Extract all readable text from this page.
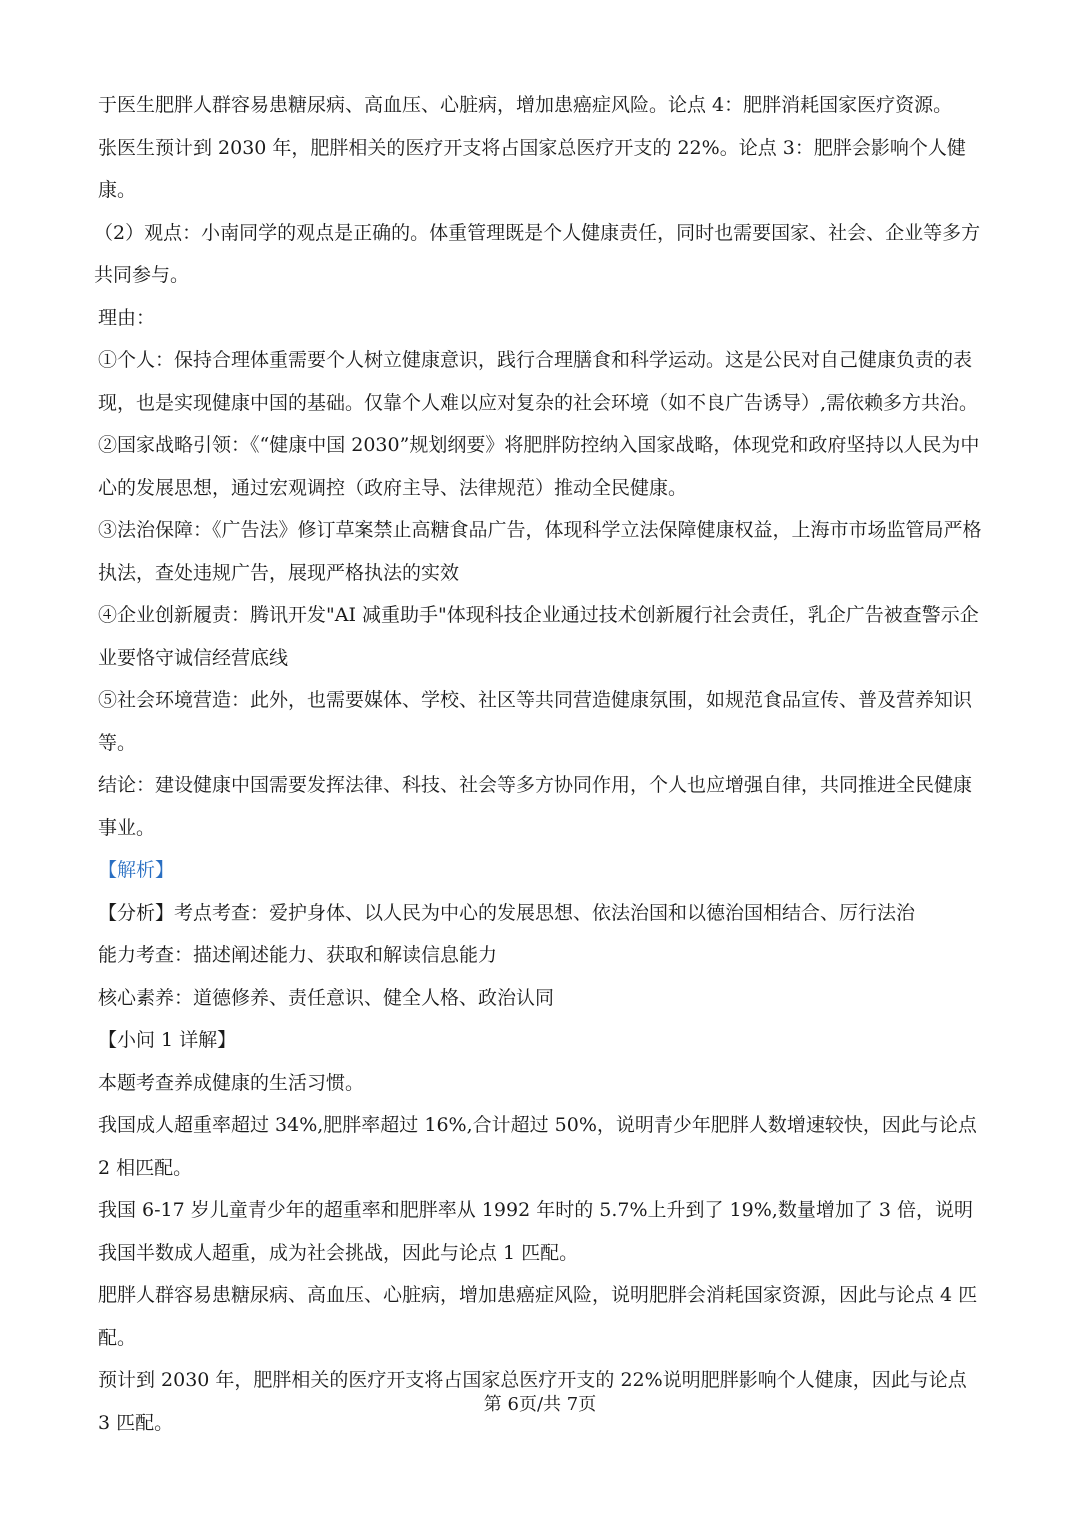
于医生肥胖人群容易患糖尿病、高血压、心脏病，增加患癌症风险。论点 4：肥胖消耗国家医疗资源。

张医生预计到 2030 年，肥胖相关的医疗开支将占国家总医疗开支的 22%。论点 3：肥胖会影响个人健康。

（2）观点：小南同学的观点是正确的。体重管理既是个人健康责任，同时也需要国家、社会、企业等多方共同参与。

理由：

①个人：保持合理体重需要个人树立健康意识，践行合理膳食和科学运动。这是公民对自己健康负责的表现，也是实现健康中国的基础。仅靠个人难以应对复杂的社会环境（如不良广告诱导）,需依赖多方共治。

②国家战略引领：《“健康中国 2030”规划纲要》将肥胖防控纳入国家战略，体现党和政府坚持以人民为中心的发展思想，通过宏观调控（政府主导、法律规范）推动全民健康。

③法治保障：《广告法》修订草案禁止高糖食品广告，体现科学立法保障健康权益，上海市市场监管局严格执法，查处违规广告，展现严格执法的实效

④企业创新履责：腾讯开发"AI 减重助手"体现科技企业通过技术创新履行社会责任，乳企广告被查警示企业要恪守诚信经营底线

⑤社会环境营造：此外，也需要媒体、学校、社区等共同营造健康氛围，如规范食品宣传、普及营养知识等。

结论：建设健康中国需要发挥法律、科技、社会等多方协同作用，个人也应增强自律，共同推进全民健康事业。

【解析】

【分析】考点考查：爱护身体、以人民为中心的发展思想、依法治国和以德治国相结合、厉行法治

能力考查：描述阐述能力、获取和解读信息能力

核心素养：道德修养、责任意识、健全人格、政治认同

【小问 1 详解】

本题考查养成健康的生活习惯。

我国成人超重率超过 34%,肥胖率超过 16%,合计超过 50%，说明青少年肥胖人数增速较快，因此与论点 2 相匹配。

我国 6-17 岁儿童青少年的超重率和肥胖率从 1992 年时的 5.7%上升到了 19%,数量增加了 3 倍，说明我国半数成人超重，成为社会挑战，因此与论点 1 匹配。

肥胖人群容易患糖尿病、高血压、心脏病，增加患癌症风险，说明肥胖会消耗国家资源，因此与论点 4 匹配。

预计到 2030 年，肥胖相关的医疗开支将占国家总医疗开支的 22%说明肥胖影响个人健康，因此与论点 3 匹配。

第 6页/共 7页
